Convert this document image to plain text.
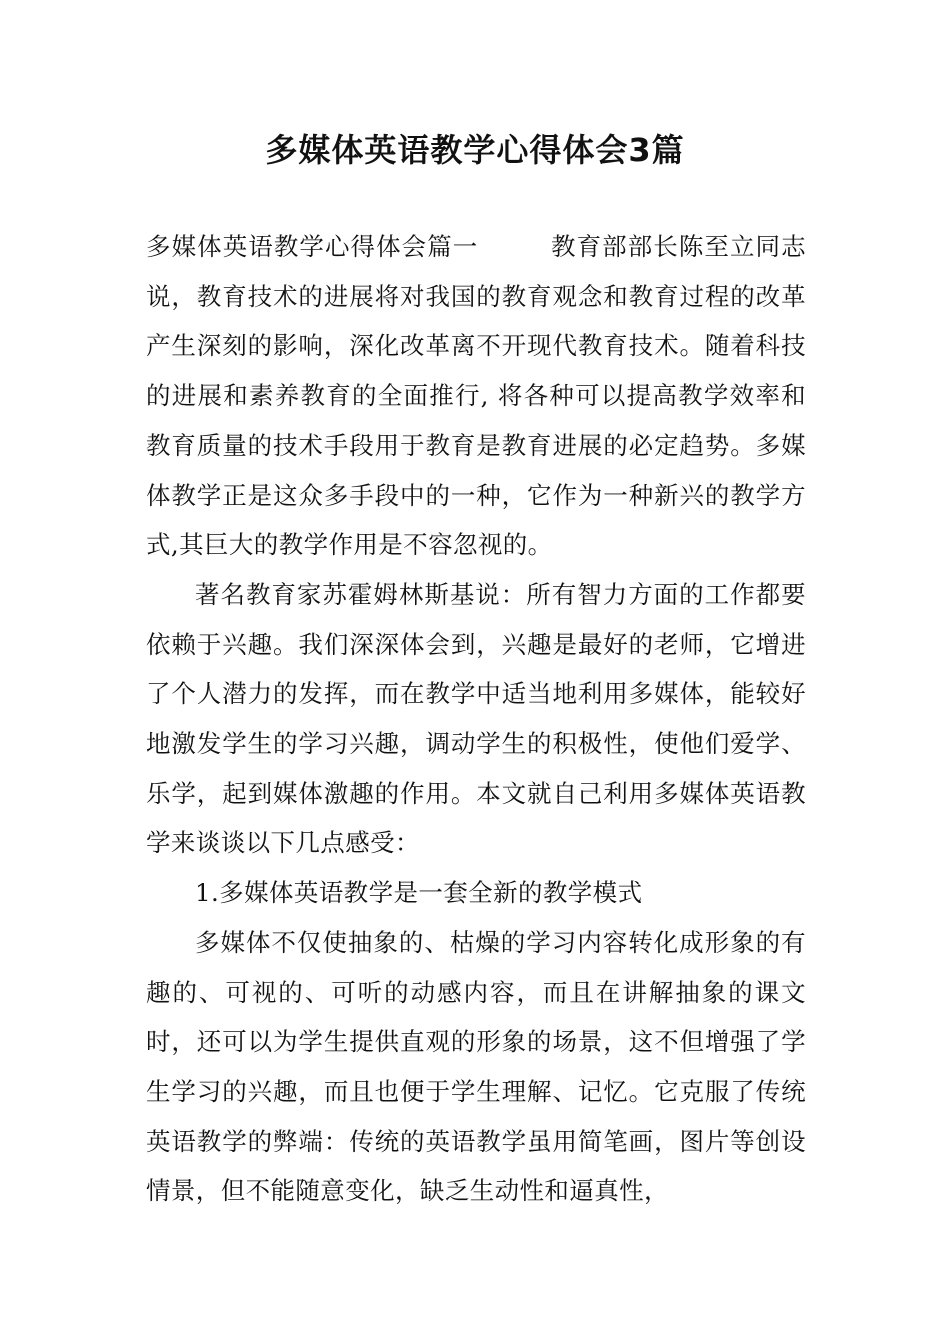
多媒体英语教学心得体会3篇

多媒体英语教学心得体会篇一	教育部部长陈至立同志说，教育技术的进展将对我国的教育观念和教育过程的改革产生深刻的影响，深化改革离不开现代教育技术。随着科技的进展和素养教育的全面推行, 将各种可以提高教学效率和教育质量的技术手段用于教育是教育进展的必定趋势。多媒体教学正是这众多手段中的一种，它作为一种新兴的教学方式,其巨大的教学作用是不容忽视的。

著名教育家苏霍姆林斯基说：所有智力方面的工作都要依赖于兴趣。我们深深体会到，兴趣是最好的老师，它增进了个人潜力的发挥，而在教学中适当地利用多媒体，能较好地激发学生的学习兴趣，调动学生的积极性，使他们爱学、乐学，起到媒体激趣的作用。本文就自己利用多媒体英语教学来谈谈以下几点感受：

1.多媒体英语教学是一套全新的教学模式

多媒体不仅使抽象的、枯燥的学习内容转化成形象的有趣的、可视的、可听的动感内容，而且在讲解抽象的课文时，还可以为学生提供直观的形象的场景，这不但增强了学生学习的兴趣，而且也便于学生理解、记忆。它克服了传统英语教学的弊端：传统的英语教学虽用简笔画，图片等创设情景，但不能随意变化，缺乏生动性和逼真性，
